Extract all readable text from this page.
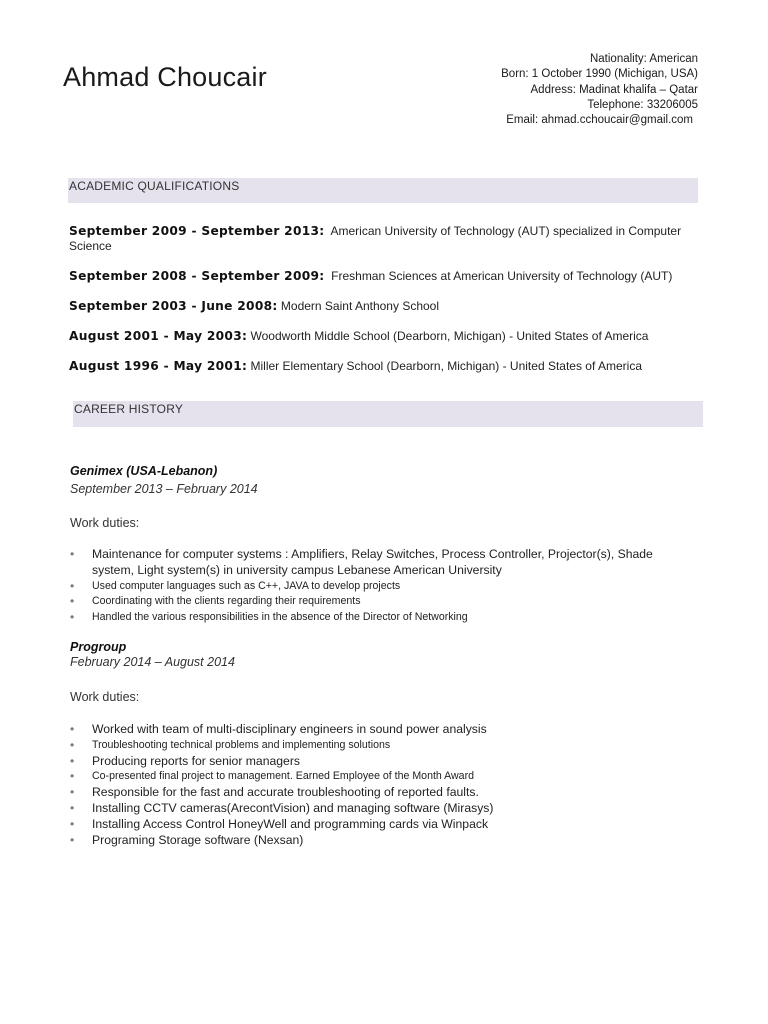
Ahmad Choucair
Nationality: American
Born: 1 October 1990 (Michigan, USA)
Address: Madinat khalifa – Qatar
Telephone: 33206005
Email: ahmad.cchoucair@gmail.com
ACADEMIC QUALIFICATIONS
September 2009 - September 2013: American University of Technology (AUT) specialized in Computer Science
September 2008 - September 2009: Freshman Sciences at American University of Technology (AUT)
September 2003 - June 2008: Modern Saint Anthony School
August 2001 - May 2003: Woodworth Middle School (Dearborn, Michigan) - United States of America
August 1996 - May 2001: Miller Elementary School (Dearborn, Michigan) - United States of America
CAREER HISTORY
Genimex (USA-Lebanon)
September 2013 – February 2014
Work duties:
• Maintenance for computer systems : Amplifiers, Relay Switches, Process Controller, Projector(s), Shade system, Light system(s) in university campus Lebanese American University
• Used computer languages such as C++, JAVA to develop projects
• Coordinating with the clients regarding their requirements
• Handled the various responsibilities in the absence of the Director of Networking
Progroup
February 2014 – August 2014
Work duties:
• Worked with team of multi-disciplinary engineers in sound power analysis
• Troubleshooting technical problems and implementing solutions
• Producing reports for senior managers
• Co-presented final project to management. Earned Employee of the Month Award
• Responsible for the fast and accurate troubleshooting of reported faults.
• Installing CCTV cameras(ArecontVision) and managing software (Mirasys)
• Installing Access Control HoneyWell and programming cards via Winpack
• Programing Storage software (Nexsan)
